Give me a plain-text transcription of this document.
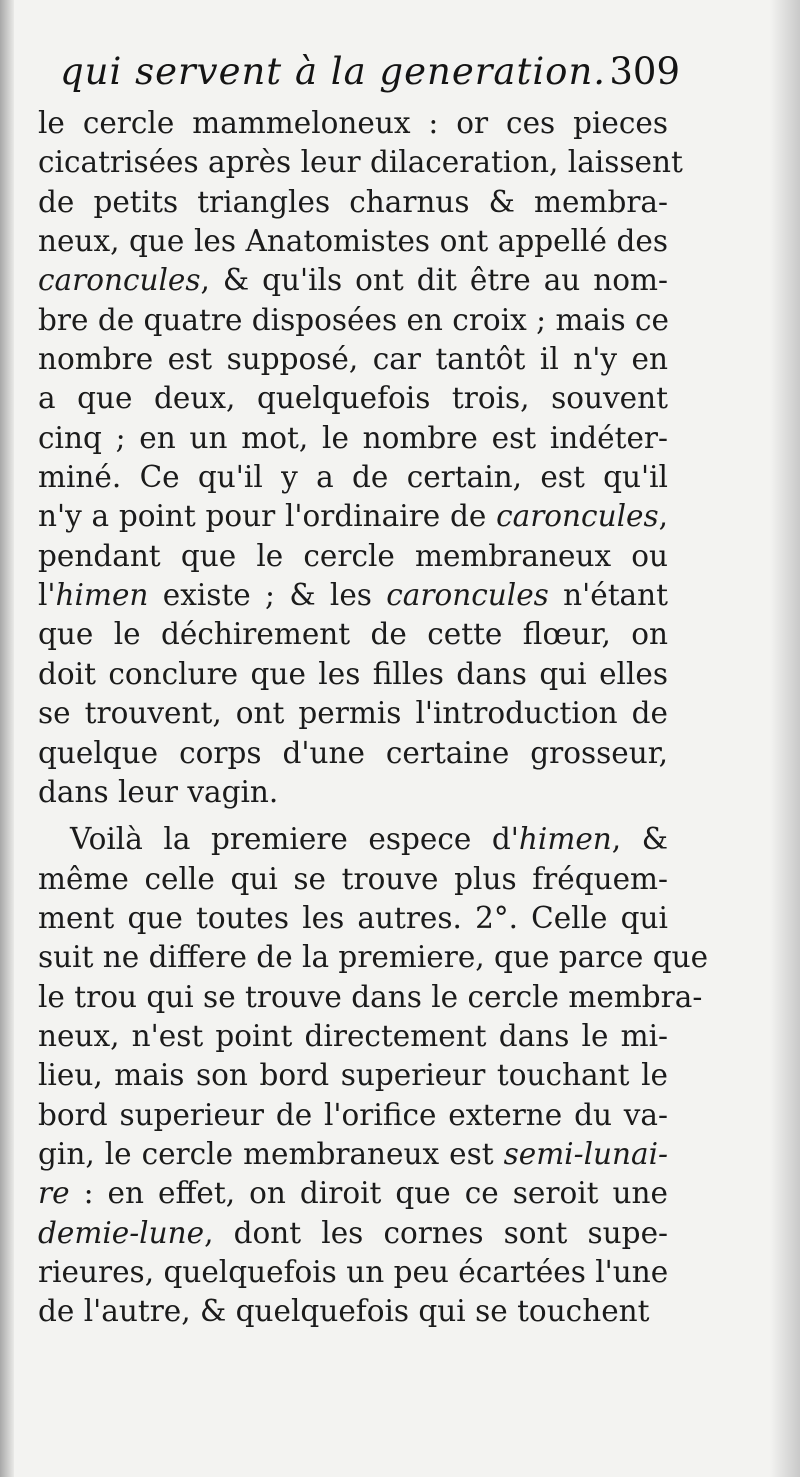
qui servent à la generation. 309
le cercle mammeloneux : or ces pieces
cicatrisées après leur dilaceration, laissent
de petits triangles charnus & membra-
neux, que les Anatomistes ont appellé des
caroncules, & qu'ils ont dit être au nom-
bre de quatre disposées en croix ; mais ce
nombre est supposé, car tantôt il n'y en
a que deux, quelquefois trois, souvent
cinq ; en un mot, le nombre est indéter-
miné. Ce qu'il y a de certain, est qu'il
n'y a point pour l'ordinaire de caroncules,
pendant que le cercle membraneux ou
l'himen existe ; & les caroncules n'étant
que le déchirement de cette flœur, on
doit conclure que les filles dans qui elles
se trouvent, ont permis l'introduction de
quelque corps d'une certaine grosseur,
dans leur vagin.
Voilà la premiere espece d'himen, &
même celle qui se trouve plus fréquem-
ment que toutes les autres. 2°. Celle qui
suit ne differe de la premiere, que parce que
le trou qui se trouve dans le cercle membra-
neux, n'est point directement dans le mi-
lieu, mais son bord superieur touchant le
bord superieur de l'orifice externe du va-
gin, le cercle membraneux est semi-lunai-
re : en effet, on diroit que ce seroit une
demie-lune, dont les cornes sont supe-
rieures, quelquefois un peu écartées l'une
de l'autre, & quelquefois qui se touchent
